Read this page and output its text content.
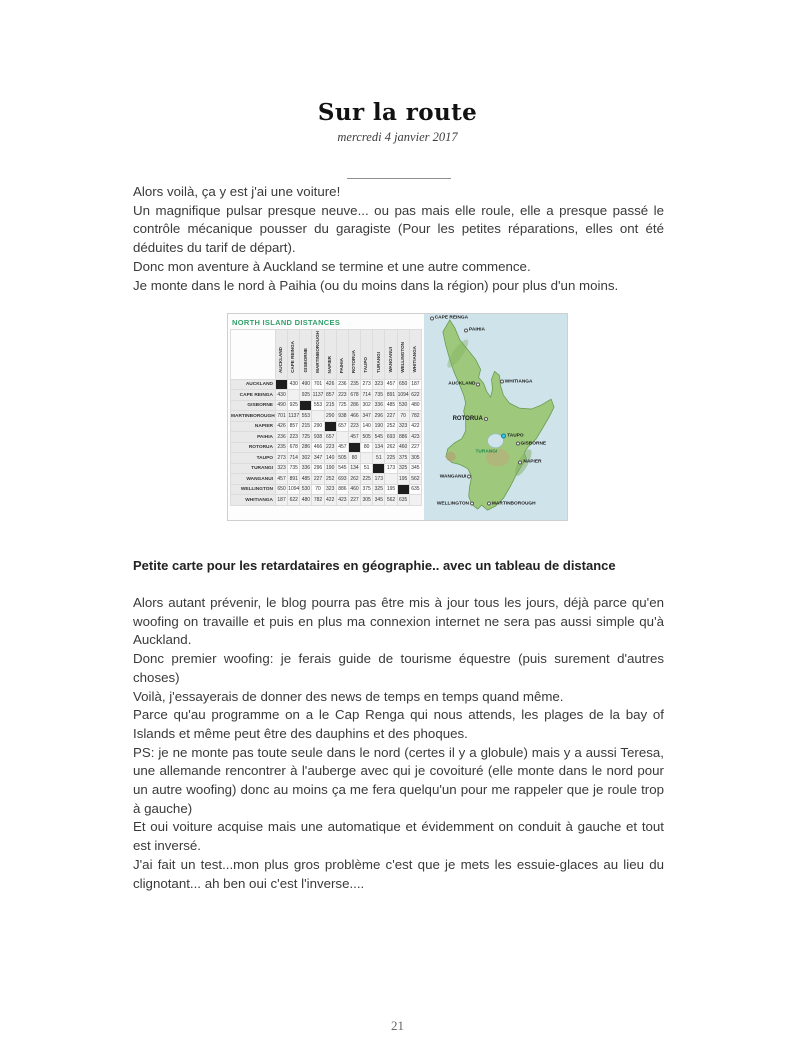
Sur la route
mercredi 4 janvier 2017

Alors voilà, ça y est j'ai une voiture!

Un magnifique pulsar presque neuve... ou pas mais elle roule, elle a presque passé le contrôle mécanique pousser du garagiste (Pour les petites réparations, elles ont été déduites du tarif de départ).

Donc mon aventure à Auckland se termine et une autre commence.

Je monte dans le nord à Paihia (ou du moins dans la région) pour plus d'un moins.

NORTH ISLAND DISTANCES
	AUCKLAND	CAPE REINGA	GISBORNE	MARTINBOROUGH	NAPIER	PAIHIA	ROTORUA	TAUPO	TURANGI	WANGANUI	WELLINGTON	WHITIANGA
AUCKLAND		430	490	701	426	236	235	273	323	457	650	187
CAPE REINGA	430		925	1137	857	223	678	714	735	891	1094	622
GISBORNE	490	925		553	215	725	286	302	336	485	530	480
MARTINBOROUGH	701	1137	553		290	938	466	347	296	227	70	782
NAPIER	426	857	215	290		657	223	140	190	252	323	422
PAIHIA	236	223	725	938	657		457	505	545	693	886	423
ROTORUA	235	678	286	466	223	457		80	134	262	460	227
TAUPO	273	714	302	347	140	505	80		51	225	375	305
TURANGI	323	735	336	296	190	545	134	51		173	325	345
WANGANUI	457	891	485	227	252	693	262	225	173		195	562
WELLINGTON	650	1094	530	70	323	886	460	375	325	195		635
WHITIANGA	187	622	480	782	422	423	227	305	345	562	635	
CAPE REINGA
PAIHIA
AUCKLAND	WHITIANGA
ROTORUA
TAUPO
GISBORNE
TURANGI
NAPIER
WANGANUI
WELLINGTON	MARTINBOROUGH
Petite carte pour les retardataires en géographie.. avec un tableau de distance

Alors autant prévenir, le blog pourra pas être mis à jour tous les jours, déjà parce qu'en woofing on travaille et puis en plus ma connexion internet ne sera pas aussi simple qu'à Auckland.

Donc premier woofing: je ferais guide de tourisme équestre (puis surement d'autres choses)

Voilà, j'essayerais de donner des news de temps en temps quand même.

Parce qu'au programme on a le Cap Renga qui nous attends, les plages de la bay of Islands et même peut être des dauphins et des phoques.

PS: je ne monte pas toute seule dans le nord (certes il y a globule) mais y a aussi Teresa, une allemande rencontrer à l'auberge avec qui je covoituré (elle monte dans le nord pour un autre woofing) donc au moins ça me fera quelqu'un pour me rappeler que je roule trop à gauche)

Et oui voiture acquise mais une automatique et évidemment on conduit à gauche et tout est inversé.

J'ai fait un test...mon plus gros problème c'est que je mets les essuie-glaces au lieu du clignotant... ah ben oui c'est l'inverse....

21
